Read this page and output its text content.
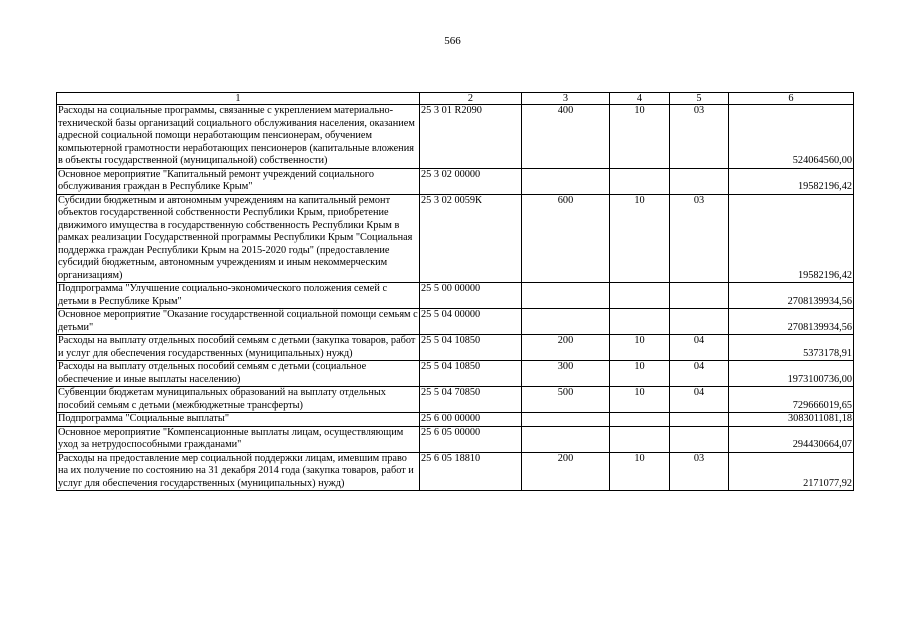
566
1	2	3	4	5	6
Расходы на социальные программы, связанные с укреплением материально-технической базы организаций социального обслуживания населения, оказанием адресной социальной помощи неработающим пенсионерам, обучением компьютерной грамотности неработающих пенсионеров (капитальные вложения в объекты государственной (муниципальной) собственности)	25 3 01 R2090	400	10	03	524064560,00
Основное мероприятие "Капитальный ремонт учреждений социального обслуживания граждан в Республике Крым"	25 3 02 00000				19582196,42
Субсидии бюджетным и автономным учреждениям на капитальный ремонт объектов государственной собственности Республики Крым, приобретение движимого имущества в государственную собственность Республики Крым в рамках реализации Государственной программы Республики Крым "Социальная поддержка граждан Республики Крым на 2015-2020 годы" (предоставление субсидий бюджетным, автономным учреждениям и иным некоммерческим организациям)	25 3 02 0059К	600	10	03	19582196,42
Подпрограмма "Улучшение социально-экономического положения семей с детьми в Республике Крым"	25 5 00 00000				2708139934,56
Основное мероприятие "Оказание государственной социальной помощи семьям с детьми"	25 5 04 00000				2708139934,56
Расходы на выплату отдельных пособий семьям с детьми (закупка товаров, работ и услуг для обеспечения государственных (муниципальных) нужд)	25 5 04 10850	200	10	04	5373178,91
Расходы на выплату отдельных пособий семьям с детьми (социальное обеспечение и иные выплаты населению)	25 5 04 10850	300	10	04	1973100736,00
Субвенции бюджетам муниципальных образований на выплату отдельных пособий семьям с детьми (межбюджетные трансферты)	25 5 04 70850	500	10	04	729666019,65
Подпрограмма "Социальные выплаты"	25 6 00 00000				3083011081,18
Основное мероприятие "Компенсационные выплаты лицам, осуществляющим уход за нетрудоспособными гражданами"	25 6 05 00000				294430664,07
Расходы на предоставление мер социальной поддержки лицам, имевшим право на их получение по состоянию на 31 декабря 2014 года (закупка товаров, работ и услуг для обеспечения государственных (муниципальных) нужд)	25 6 05 18810	200	10	03	2171077,92
